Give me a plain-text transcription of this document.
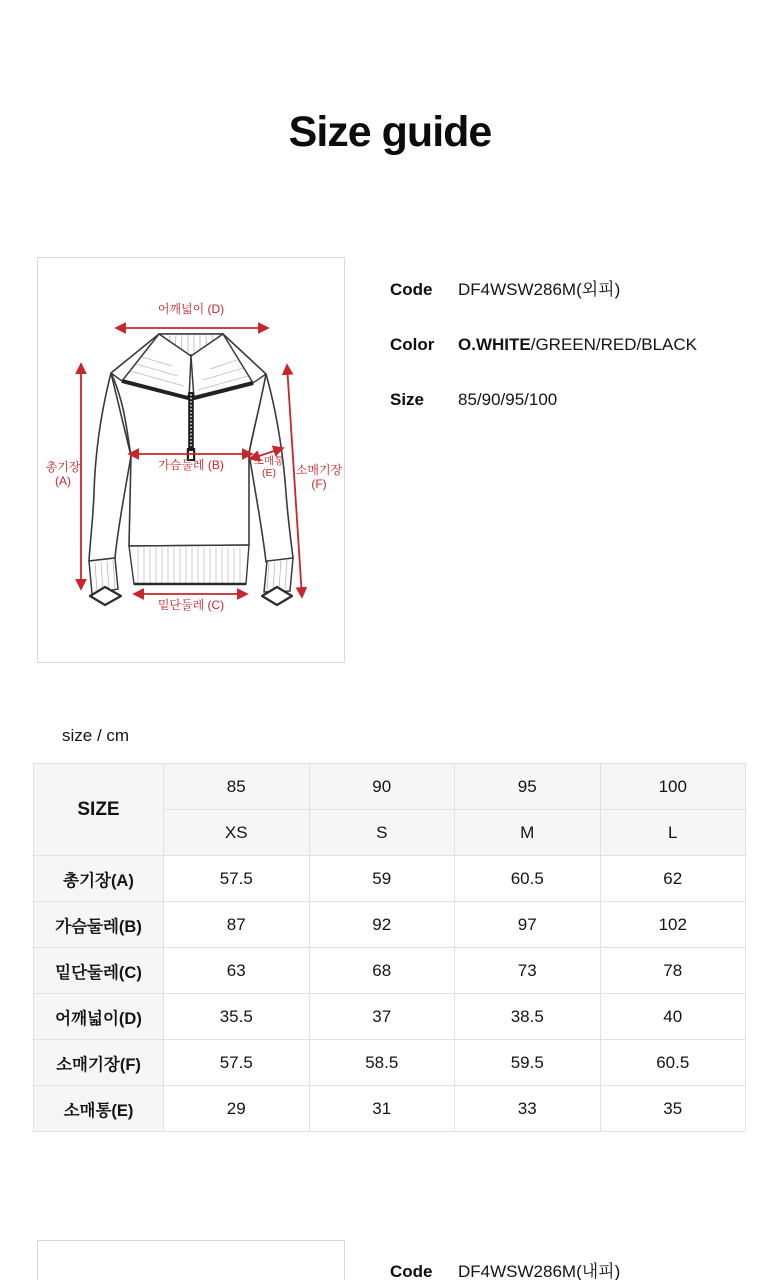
Size guide
어깨넓이 (D)
총기장
(A)
가슴둘레 (B)	소매통
(E)	소매기장
(F)
밑단둘레 (C)
Code	DF4WSW286M(외피)
Color	O.WHITE/GREEN/RED/BLACK
Size	85/90/95/100
size / cm
SIZE	85	90	95	100
	XS	S	M	L
총기장(A)	57.5	59	60.5	62
가슴둘레(B)	87	92	97	102
밑단둘레(C)	63	68	73	78
어깨넓이(D)	35.5	37	38.5	40
소매기장(F)	57.5	58.5	59.5	60.5
소매통(E)	29	31	33	35
Code	DF4WSW286M(내피)
